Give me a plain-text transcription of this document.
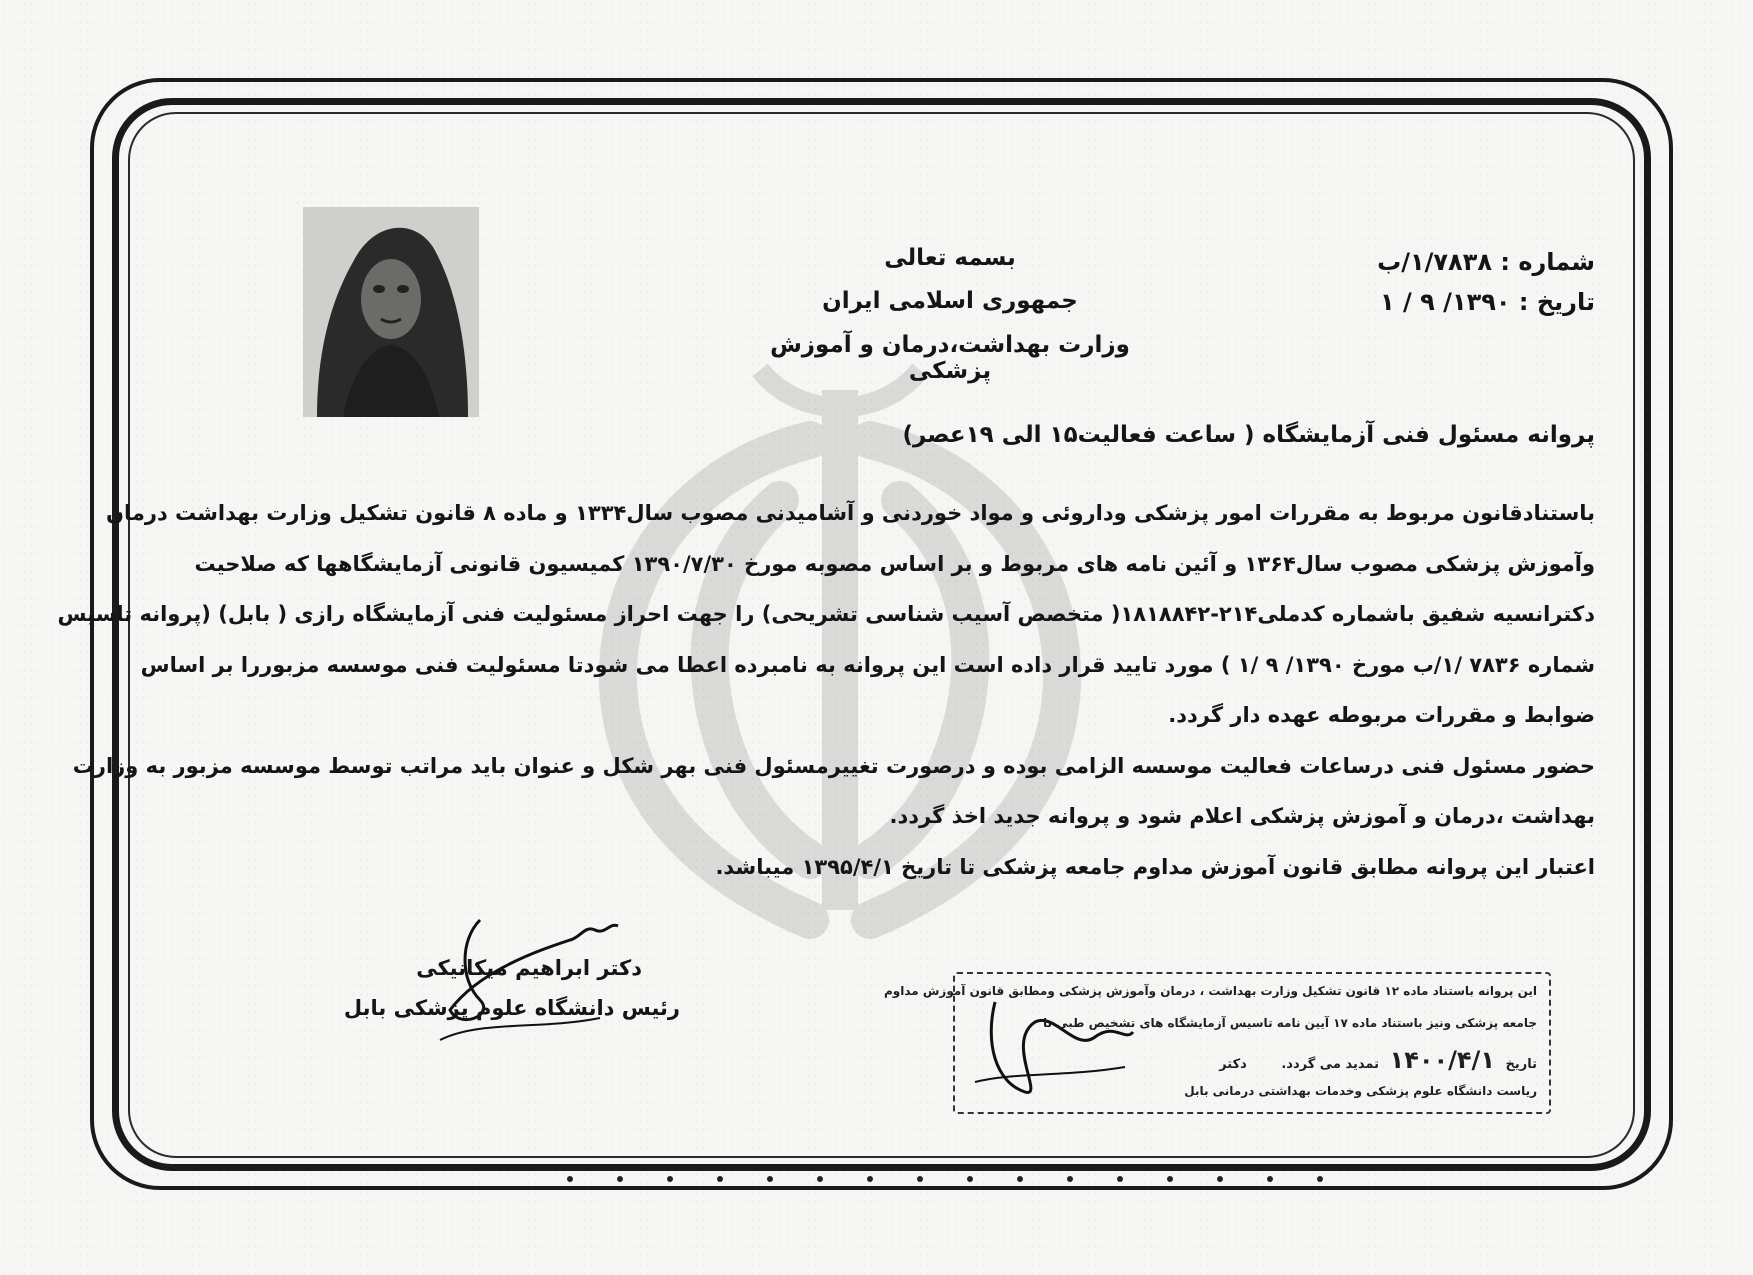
شماره : ۱/۷۸۳۸/ب
تاریخ : ۱۳۹۰/ ۹ / ۱
بسمه تعالی
جمهوری اسلامی ایران
وزارت بهداشت،درمان و آموزش پزشکی
پروانه مسئول فنی آزمایشگاه ( ساعت فعالیت۱۵ الی ۱۹عصر)
باستنادقانون مربوط به مقررات امور پزشکی وداروئی و مواد خوردنی و آشامیدنی مصوب سال۱۳۳۴ و ماده ۸ قانون تشکیل وزارت بهداشت درمان
وآموزش پزشکی مصوب سال۱۳۶۴ و آئین نامه های مربوط و بر اساس مصوبه مورخ ۱۳۹۰/۷/۳۰ کمیسیون قانونی آزمایشگاهها که صلاحیت
دکترانسیه شفیق باشماره کدملی۲۱۴-۱۸۱۸۸۴۲( متخصص آسیب شناسی تشریحی) را جهت احراز مسئولیت فنی آزمایشگاه رازی ( بابل) (پروانه تاسیس
شماره ۷۸۳۶ /۱/ب مورخ ۱۳۹۰/ ۹ /۱ ) مورد تایید قرار داده است این پروانه به نامبرده اعطا می شودتا مسئولیت فنی موسسه مزبوررا بر اساس
ضوابط و مقررات مربوطه عهده دار گردد.
حضور مسئول فنی درساعات فعالیت موسسه الزامی بوده و درصورت تغییرمسئول فنی بهر شکل و عنوان باید مراتب توسط موسسه مزبور به وزارت
بهداشت ،درمان و آموزش پزشکی اعلام شود و پروانه جدید اخذ گردد.
اعتبار این پروانه مطابق قانون آموزش مداوم جامعه پزشکی تا تاریخ ۱۳۹۵/۴/۱ میباشد.
دکتر ابراهیم میکانیکی
رئیس دانشگاه علوم پزشکی بابل
این پروانه باستناد ماده ۱۲ قانون تشکیل وزارت بهداشت ، درمان وآموزش پزشکی ومطابق قانون آموزش مداوم
جامعه پزشکی ونیز باستناد ماده ۱۷ آیین نامه تاسیس آزمایشگاه های تشخیص طبی تا
تاریخ ۱۴۰۰/۴/۱ تمدید می گردد. دکتر
ریاست دانشگاه علوم پزشکی وخدمات بهداشتی درمانی بابل
